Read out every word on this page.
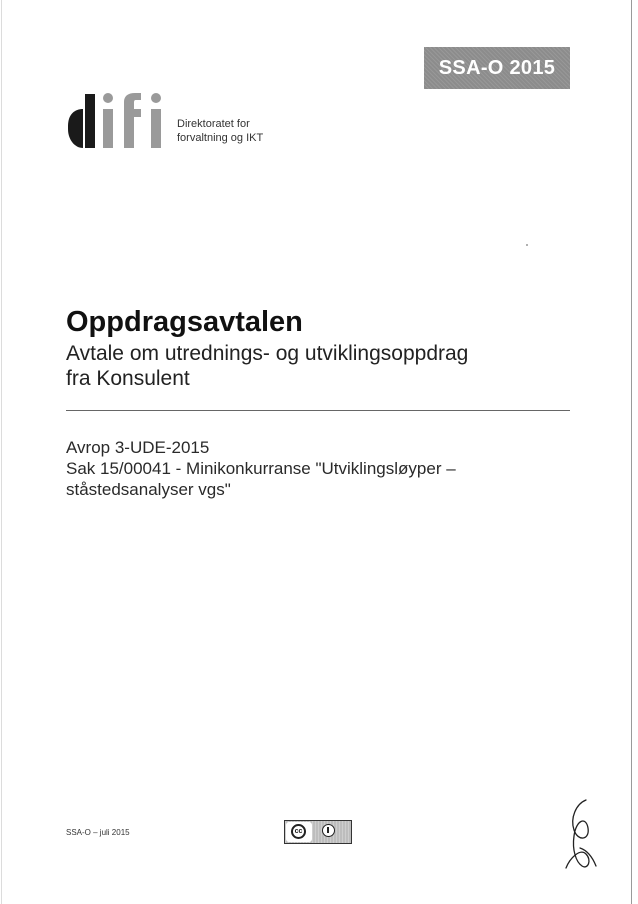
SSA-O 2015
Direktoratet for
forvaltning og IKT
Oppdragsavtalen
Avtale om utrednings- og utviklingsoppdrag
fra Konsulent
Avrop 3-UDE-2015
Sak 15/00041 - Minikonkurranse "Utviklingsløyper –
ståstedsanalyser vgs"
SSA-O – juli 2015	cc
